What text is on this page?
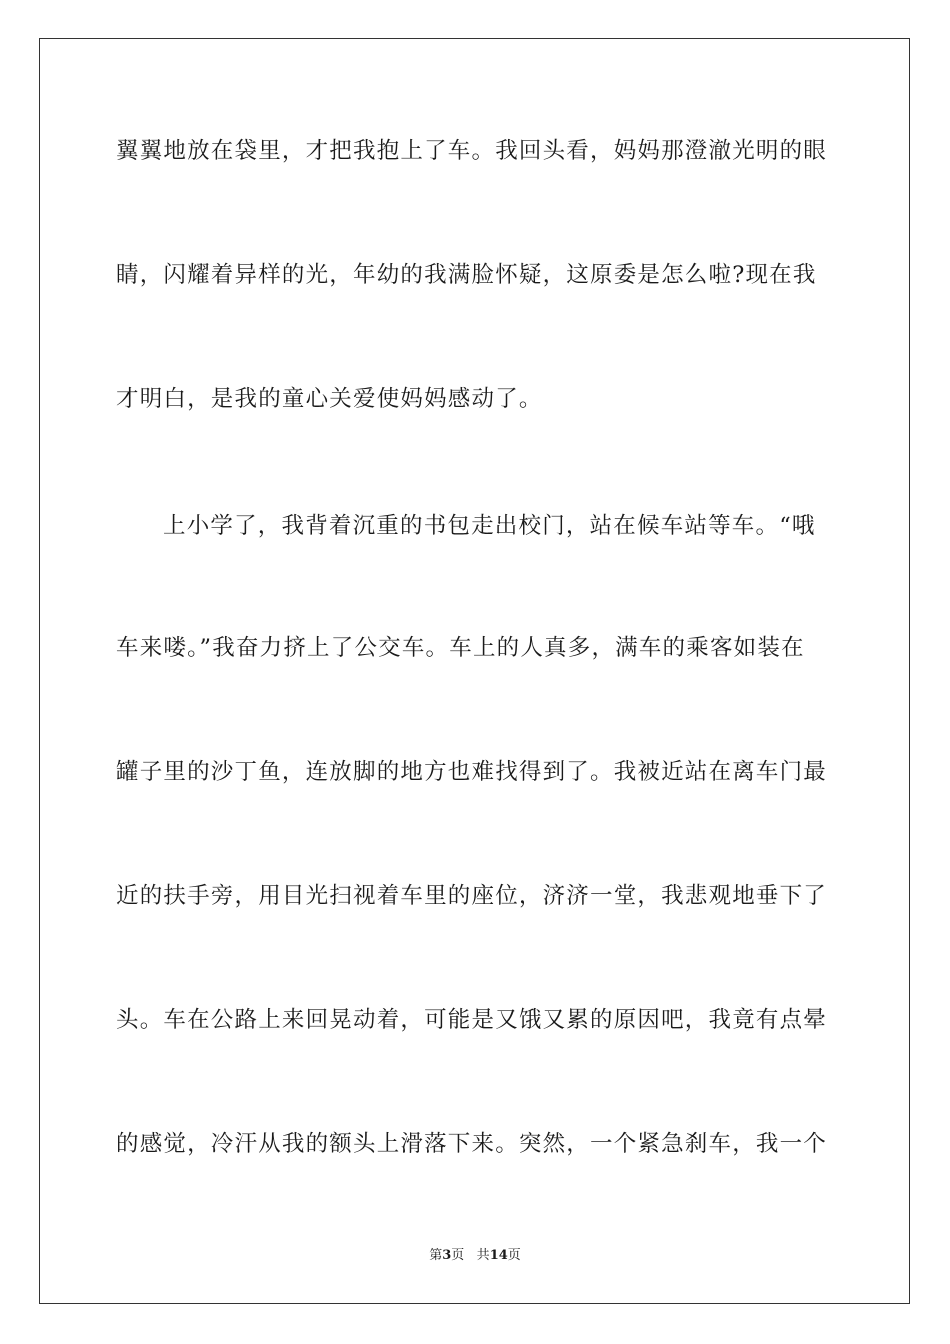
翼翼地放在袋里，才把我抱上了车。我回头看，妈妈那澄澈光明的眼
睛，闪耀着异样的光，年幼的我满脸怀疑，这原委是怎么啦?现在我
才明白，是我的童心关爱使妈妈感动了。
上小学了，我背着沉重的书包走出校门，站在候车站等车。“哦
车来喽。”我奋力挤上了公交车。车上的人真多，满车的乘客如装在
罐子里的沙丁鱼，连放脚的地方也难找得到了。我被近站在离车门最
近的扶手旁，用目光扫视着车里的座位，济济一堂，我悲观地垂下了
头。车在公路上来回晃动着，可能是又饿又累的原因吧，我竟有点晕
的感觉，冷汗从我的额头上滑落下来。突然，一个紧急刹车，我一个
第3页 共14页
